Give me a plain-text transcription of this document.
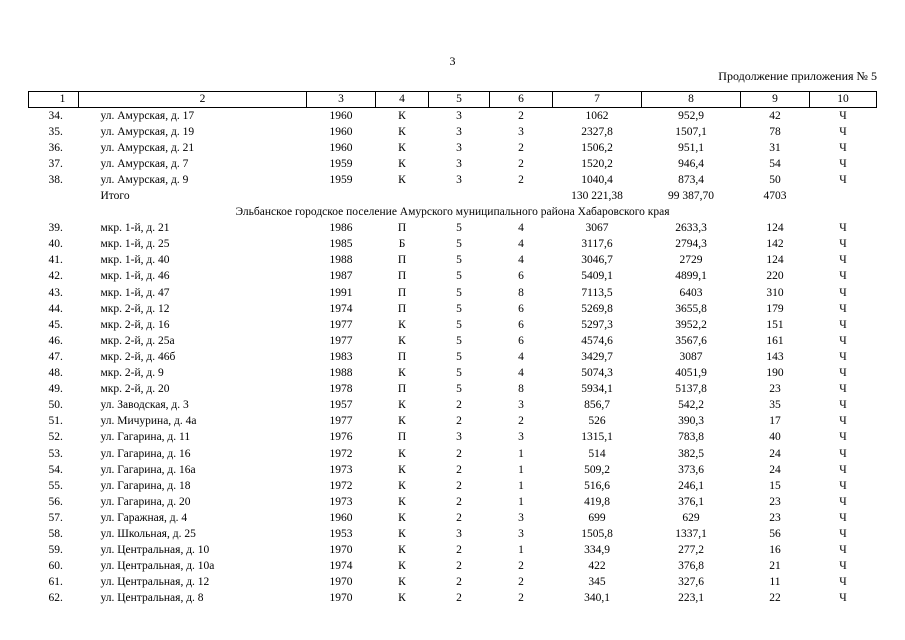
3
Продолжение приложения № 5
1	2	3	4	5	6	7	8	9	10
34.	ул. Амурская, д. 17	1960	К	3	2	1062	952,9	42	Ч
35.	ул. Амурская, д. 19	1960	К	3	3	2327,8	1507,1	78	Ч
36.	ул. Амурская, д. 21	1960	К	3	2	1506,2	951,1	31	Ч
37.	ул. Амурская, д. 7	1959	К	3	2	1520,2	946,4	54	Ч
38.	ул. Амурская, д. 9	1959	К	3	2	1040,4	873,4	50	Ч
	Итого					130 221,38	99 387,70	4703	
Эльбанское городское поселение Амурского муниципального района Хабаровского края									
39.	мкр. 1-й, д. 21	1986	П	5	4	3067	2633,3	124	Ч
40.	мкр. 1-й, д. 25	1985	Б	5	4	3117,6	2794,3	142	Ч
41.	мкр. 1-й, д. 40	1988	П	5	4	3046,7	2729	124	Ч
42.	мкр. 1-й, д. 46	1987	П	5	6	5409,1	4899,1	220	Ч
43.	мкр. 1-й, д. 47	1991	П	5	8	7113,5	6403	310	Ч
44.	мкр. 2-й, д. 12	1974	П	5	6	5269,8	3655,8	179	Ч
45.	мкр. 2-й, д. 16	1977	К	5	6	5297,3	3952,2	151	Ч
46.	мкр. 2-й, д. 25а	1977	К	5	6	4574,6	3567,6	161	Ч
47.	мкр. 2-й, д. 46б	1983	П	5	4	3429,7	3087	143	Ч
48.	мкр. 2-й, д. 9	1988	К	5	4	5074,3	4051,9	190	Ч
49.	мкр. 2-й, д. 20	1978	П	5	8	5934,1	5137,8	23	Ч
50.	ул. Заводская, д. 3	1957	К	2	3	856,7	542,2	35	Ч
51.	ул. Мичурина, д. 4а	1977	К	2	2	526	390,3	17	Ч
52.	ул. Гагарина, д. 11	1976	П	3	3	1315,1	783,8	40	Ч
53.	ул. Гагарина, д. 16	1972	К	2	1	514	382,5	24	Ч
54.	ул. Гагарина, д. 16а	1973	К	2	1	509,2	373,6	24	Ч
55.	ул. Гагарина, д. 18	1972	К	2	1	516,6	246,1	15	Ч
56.	ул. Гагарина, д. 20	1973	К	2	1	419,8	376,1	23	Ч
57.	ул. Гаражная, д. 4	1960	К	2	3	699	629	23	Ч
58.	ул. Школьная, д. 25	1953	К	3	3	1505,8	1337,1	56	Ч
59.	ул. Центральная, д. 10	1970	К	2	1	334,9	277,2	16	Ч
60.	ул. Центральная, д. 10а	1974	К	2	2	422	376,8	21	Ч
61.	ул. Центральная, д. 12	1970	К	2	2	345	327,6	11	Ч
62.	ул. Центральная, д. 8	1970	К	2	2	340,1	223,1	22	Ч
